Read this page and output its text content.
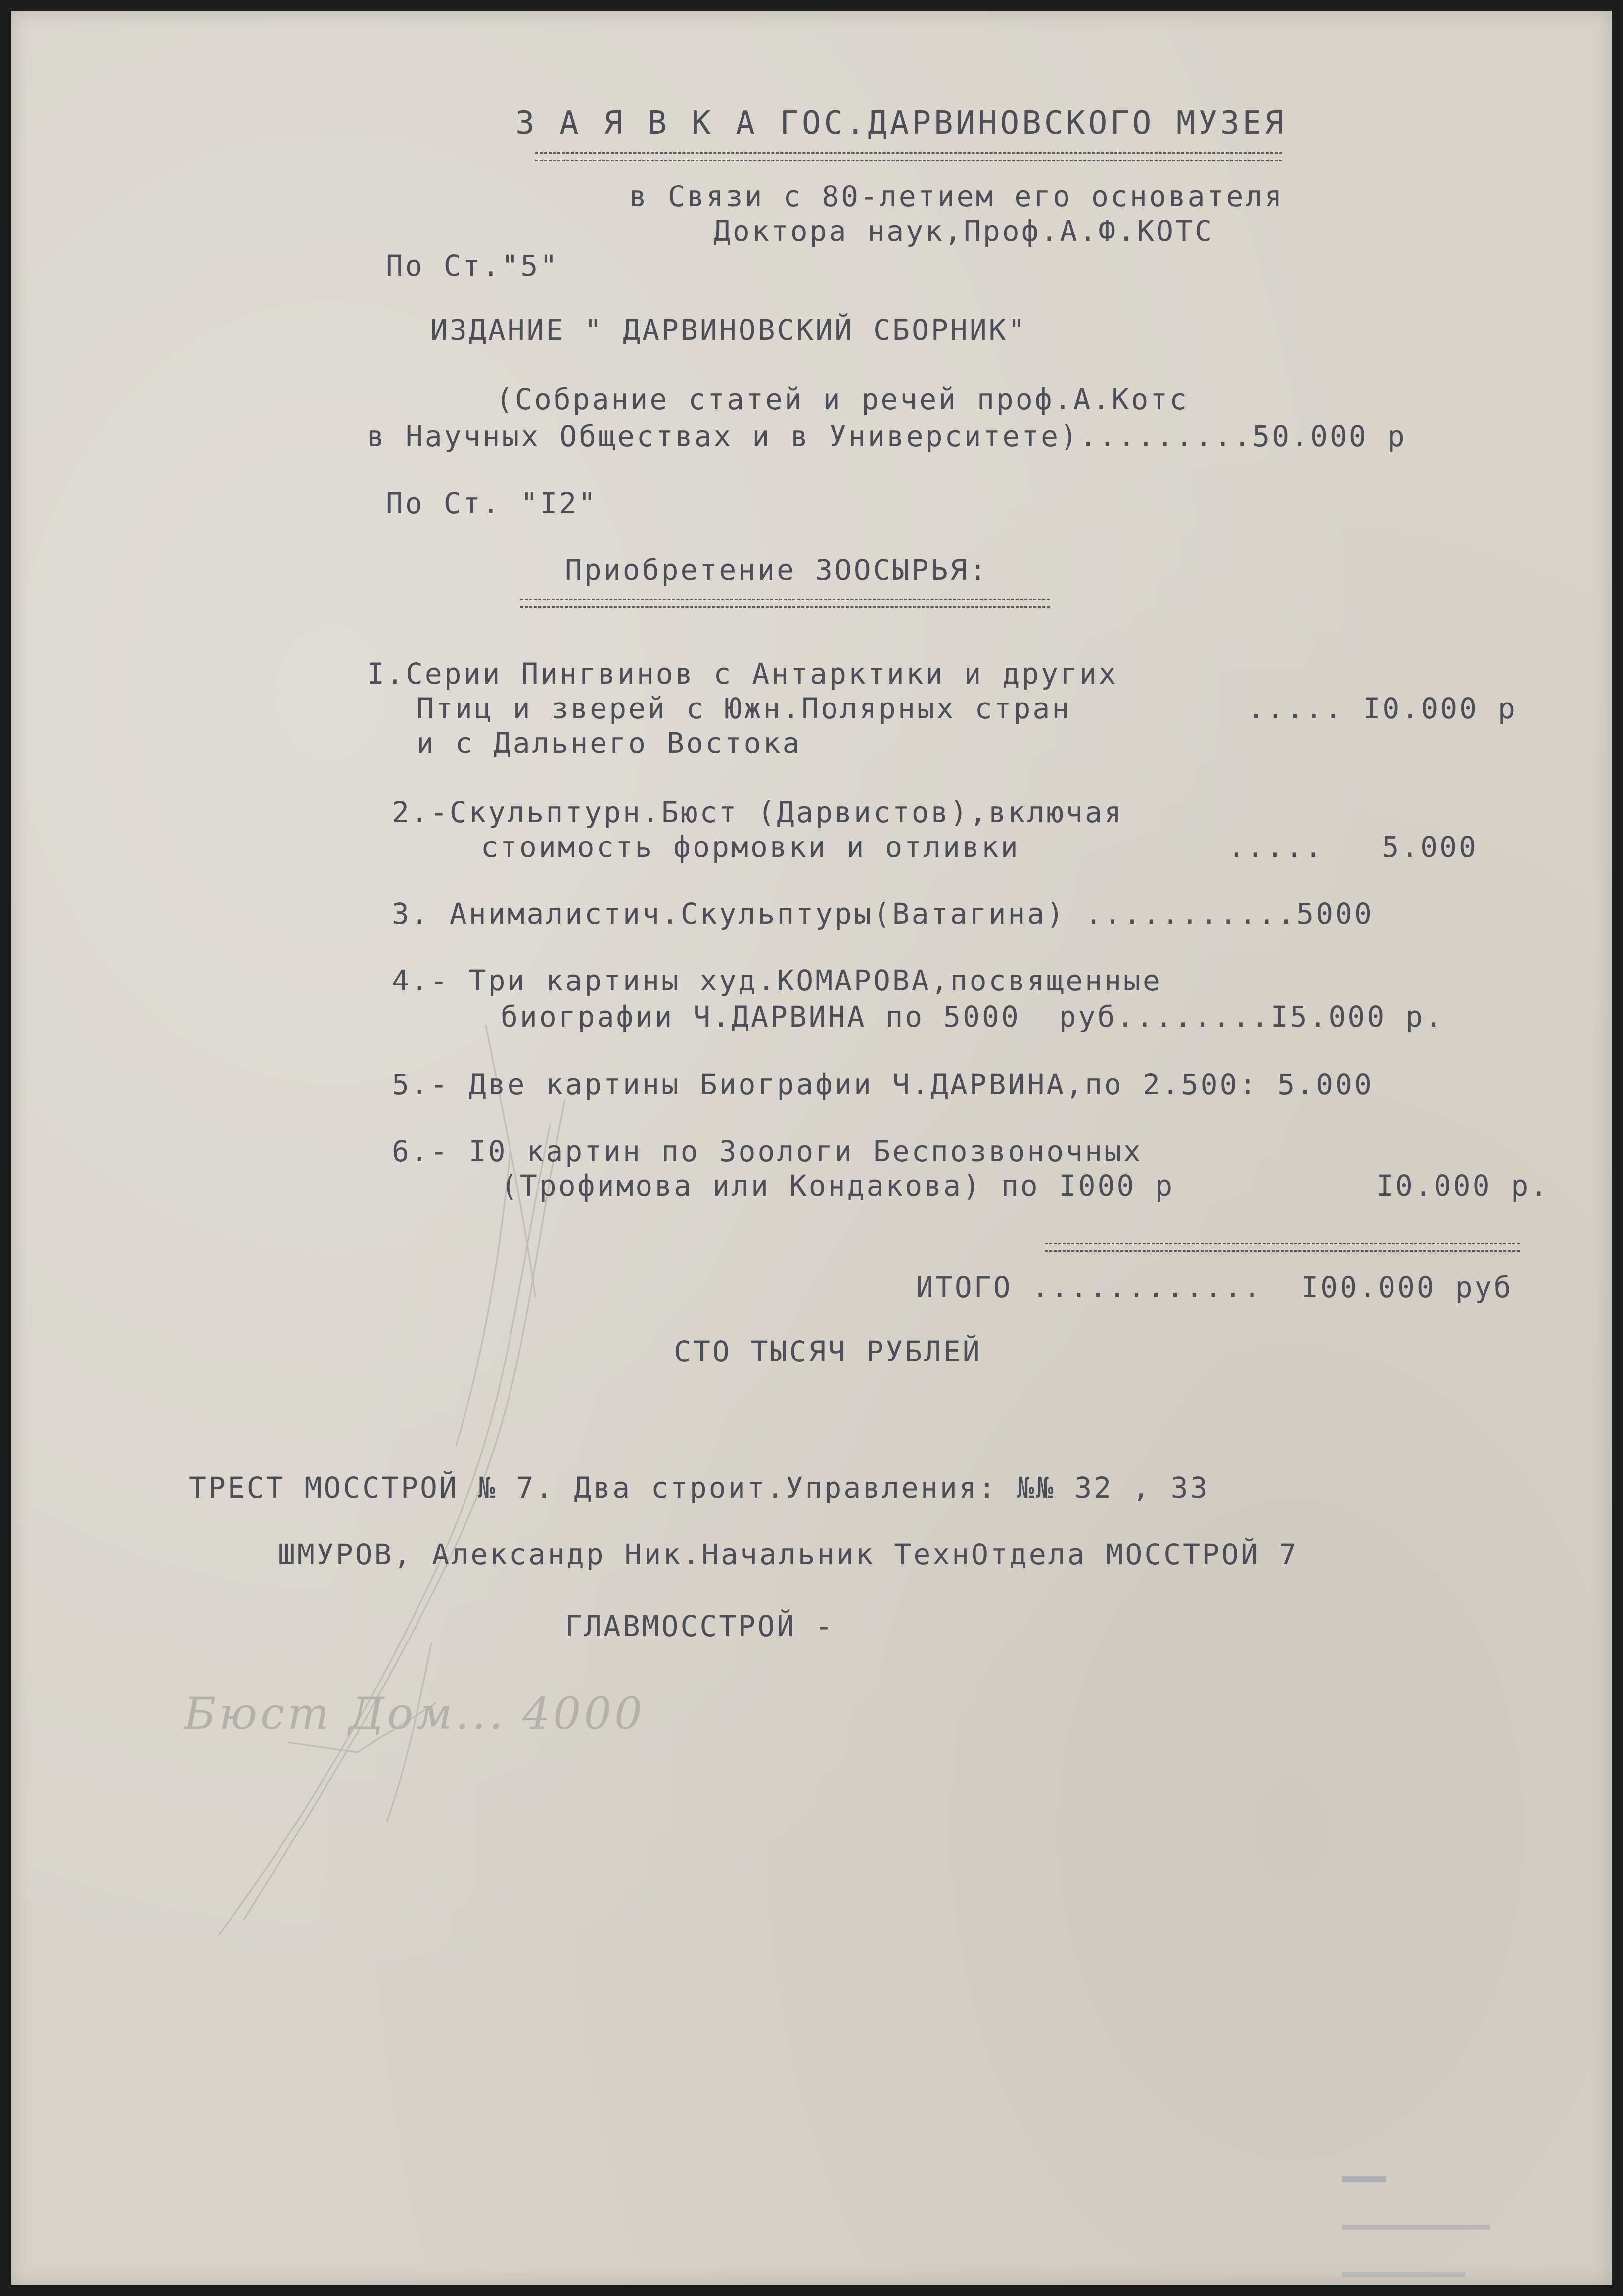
З А Я В К А ГОС.ДАРВИНОВСКОГО МУЗЕЯ
в Связи с 80-летием его основателя
Доктора наук,Проф.А.Ф.КОТС
По Ст."5"
ИЗДАНИЕ " ДАРВИНОВСКИЙ СБОРНИК"
(Собрание статей и речей проф.А.Котс
в Научных Обществах и в Университете).........50.000 р
По Ст. "I2"
Приобретение ЗООСЫРЬЯ:
I.Серии Пингвинов с Антарктики и других
Птиц и зверей с Южн.Полярных стран	..... I0.000 р
и с Дальнего Востока
2.-Скульптурн.Бюст (Дарвистов),включая
стоимость формовки и отливки	.....   5.000
3. Анималистич.Скульптуры(Ватагина) ...........5000
4.- Три картины худ.КОМАРОВА,посвященные
биографии Ч.ДАРВИНА по 5000  руб........I5.000 р.
5.- Две картины Биографии Ч.ДАРВИНА,по 2.500: 5.000
6.- I0 картин по Зоологи Беспозвоночных
(Трофимова или Кондакова) по I000 р	I0.000 р.
ИТОГО ............  I00.000 руб
СТО ТЫСЯЧ РУБЛЕЙ
ТРЕСТ МОССТРОЙ № 7. Два строит.Управления: №№ 32 , 33
ШМУРОВ, Александр Ник.Начальник ТехнОтдела МОССТРОЙ 7
ГЛАВМОССТРОЙ -
Бюст Дом... 4000
